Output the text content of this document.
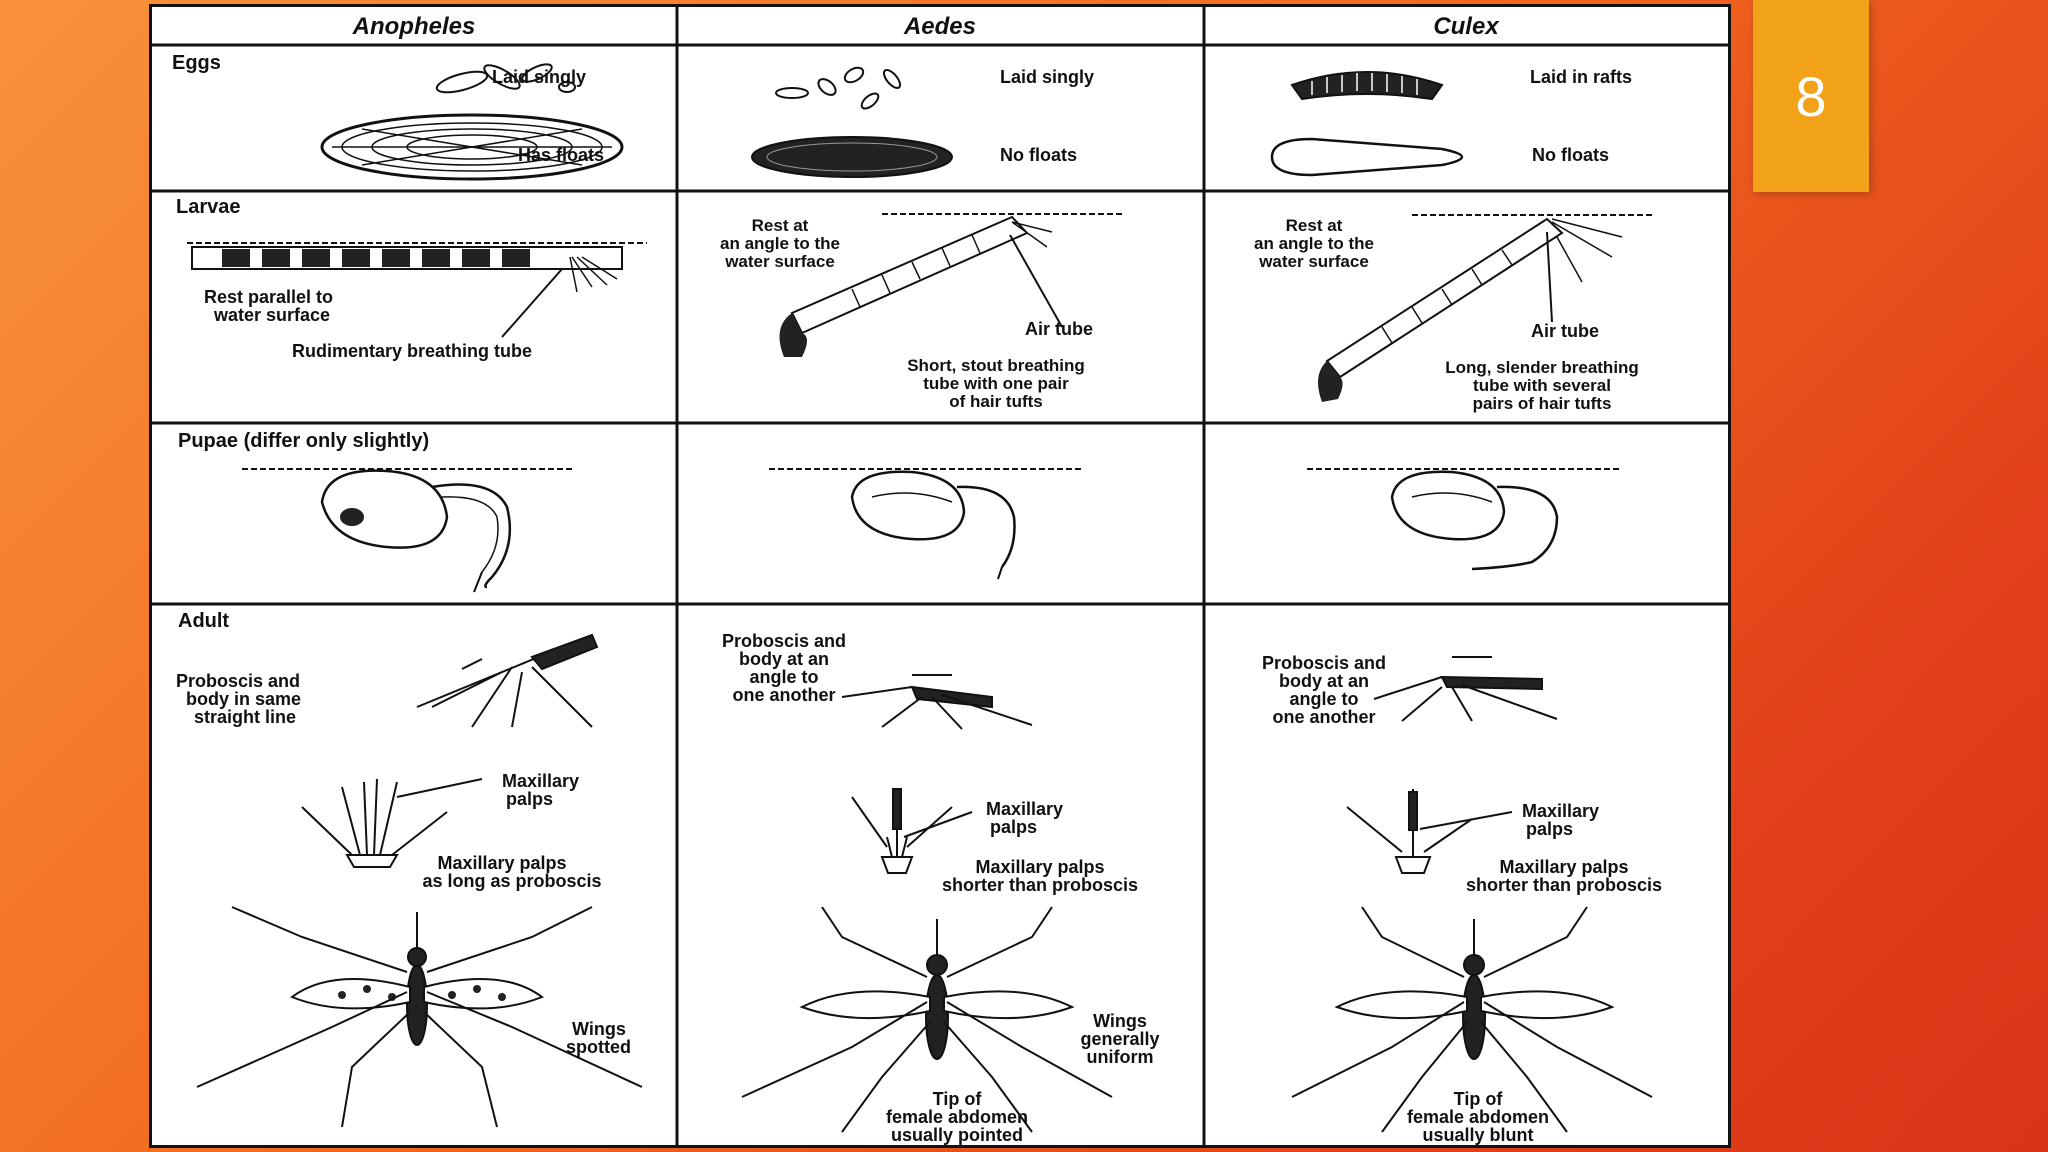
8
Anopheles	Aedes	Culex
Eggs
Larvae
Pupae (differ only slightly)
Adult
Laid singly
Has floats
Laid singly
No floats
Laid in rafts
No floats
Rest parallel to
water surface
Rudimentary breathing tube
Rest at
an angle to the
water surface
Air tube
Short, stout breathing
tube with one pair
of hair tufts
Rest at
an angle to the
water surface
Air tube
Long, slender breathing
tube with several
pairs of hair tufts
Proboscis and
body in same
straight line
Proboscis and
body at an
angle to
one another
Proboscis and
body at an
angle to
one another
Maxillary
palps
Maxillary palps
as long as proboscis
Maxillary
palps
Maxillary palps
shorter than proboscis
Maxillary
palps
Maxillary palps
shorter than proboscis
Wings
spotted
Wings
generally
uniform
Tip of
female abdomen
usually pointed
Tip of
female abdomen
usually blunt
